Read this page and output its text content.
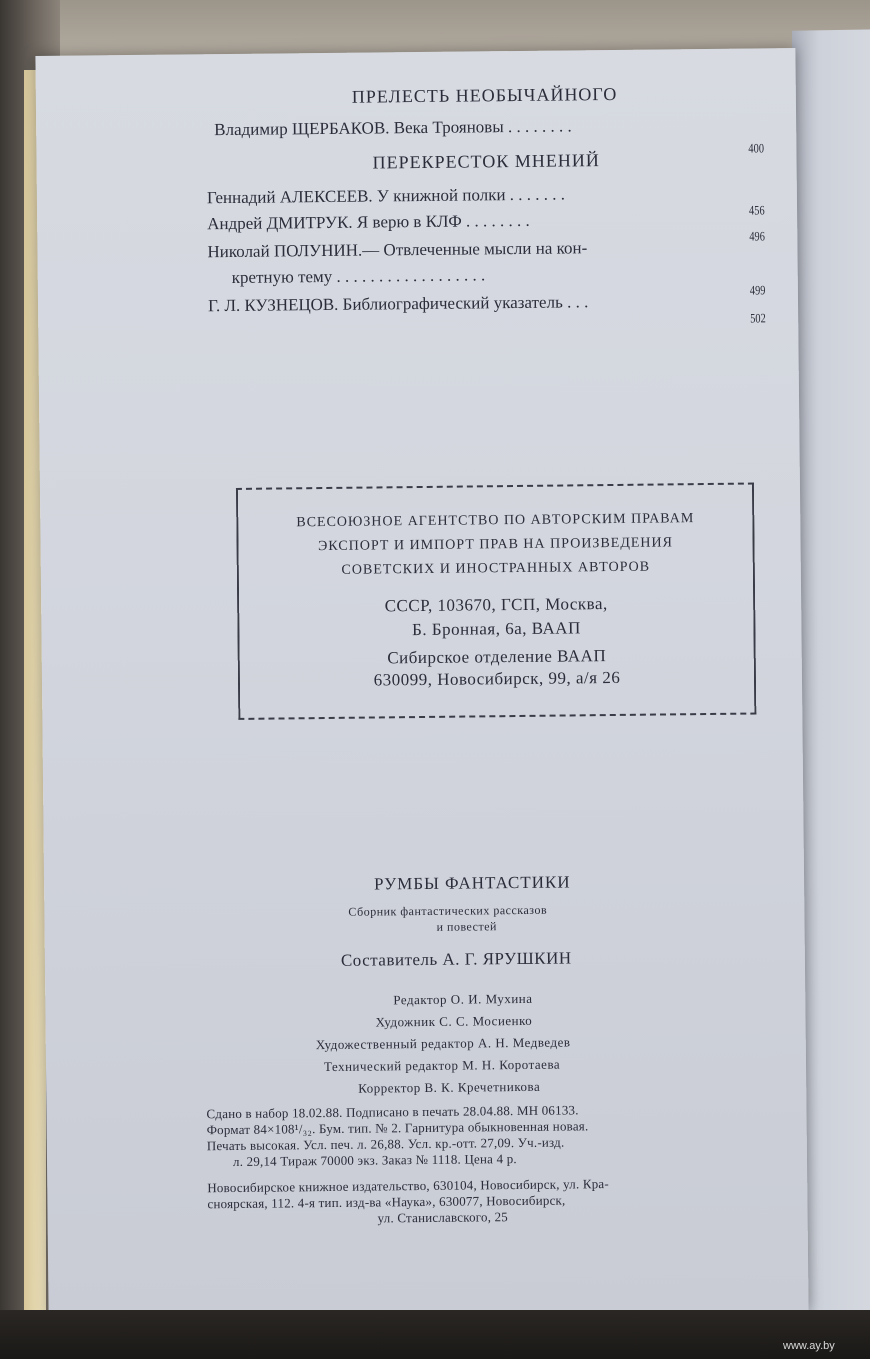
ПРЕЛЕСТЬ НЕОБЫЧАЙНОГО
Владимир ЩЕРБАКОВ. Века Трояновы . . . . . . . .
400
ПЕРЕКРЕСТОК МНЕНИЙ
Геннадий АЛЕКСЕЕВ. У книжной полки . . . . . . .
456
Андрей ДМИТРУК. Я верю в КЛФ . . . . . . . .
496
Николай ПОЛУНИН.— Отвлеченные мысли на кон-
кретную тему . . . . . . . . . . . . . . . . . .
499
Г. Л. КУЗНЕЦОВ. Библиографический указатель . . .
502
ВСЕСОЮЗНОЕ АГЕНТСТВО ПО АВТОРСКИМ ПРАВАМ
ЭКСПОРТ И ИМПОРТ ПРАВ НА ПРОИЗВЕДЕНИЯ
СОВЕТСКИХ И ИНОСТРАННЫХ АВТОРОВ
СССР, 103670, ГСП, Москва,
Б. Бронная, 6а, ВААП
Сибирское отделение ВААП
630099, Новосибирск, 99, а/я 26
РУМБЫ ФАНТАСТИКИ
Сборник фантастических рассказов
и повестей
Составитель А. Г. ЯРУШКИН
Редактор О. И. Мухина
Художник С. С. Мосиенко
Художественный редактор А. Н. Медведев
Технический редактор М. Н. Коротаева
Корректор В. К. Кречетникова
Сдано в набор 18.02.88. Подписано в печать 28.04.88. МН 06133.
Формат 84×108¹/₃₂. Бум. тип. № 2. Гарнитура обыкновенная новая.
Печать высокая. Усл. печ. л. 26,88. Усл. кр.-отт. 27,09. Уч.-изд.
л. 29,14 Тираж 70000 экз. Заказ № 1118. Цена 4 р.
Новосибирское книжное издательство, 630104, Новосибирск, ул. Кра-
сноярская, 112. 4-я тип. изд-ва «Наука», 630077, Новосибирск,
ул. Станиславского, 25
www.ay.by
